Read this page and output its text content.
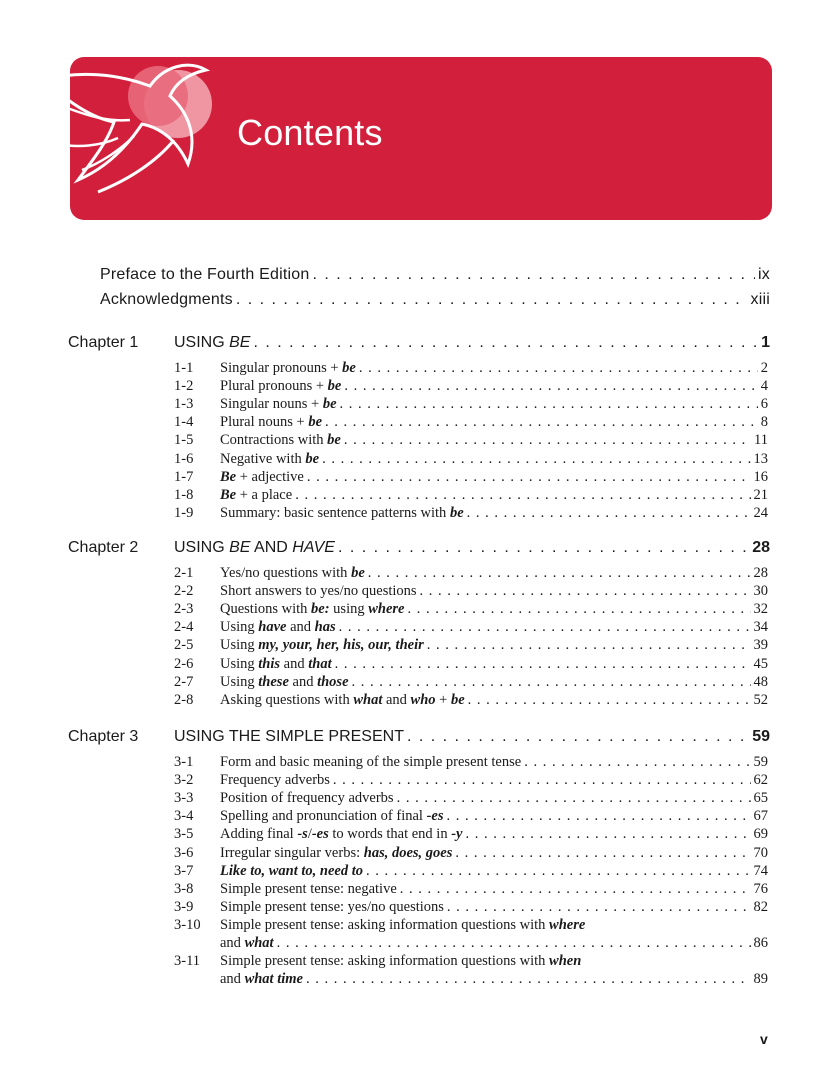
Contents
Preface to the Fourth Edition . . .	ix
Acknowledgments . . .	xiii
Chapter 1 USING BE . . .	1
1-1 Singular pronouns + be . . .	2
1-2 Plural pronouns + be . . .	4
1-3 Singular nouns + be . . .	6
1-4 Plural nouns + be . . .	8
1-5 Contractions with be . . .	11
1-6 Negative with be . . .	13
1-7 Be + adjective . . .	16
1-8 Be + a place . . .	21
1-9 Summary: basic sentence patterns with be . . .	24
Chapter 2 USING BE AND HAVE . . .	28
2-1 Yes/no questions with be . . .	28
2-2 Short answers to yes/no questions . . .	30
2-3 Questions with be: using where . . .	32
2-4 Using have and has . . .	34
2-5 Using my, your, her, his, our, their . . .	39
2-6 Using this and that . . .	45
2-7 Using these and those . . .	48
2-8 Asking questions with what and who + be . . .	52
Chapter 3 USING THE SIMPLE PRESENT . . .	59
3-1 Form and basic meaning of the simple present tense . . .	59
3-2 Frequency adverbs . . .	62
3-3 Position of frequency adverbs . . .	65
3-4 Spelling and pronunciation of final -es . . .	67
3-5 Adding final -s/-es to words that end in -y . . .	69
3-6 Irregular singular verbs: has, does, goes . . .	70
3-7 Like to, want to, need to . . .	74
3-8 Simple present tense: negative . . .	76
3-9 Simple present tense: yes/no questions . . .	82
3-10 Simple present tense: asking information questions with where
and what . . .	86
3-11 Simple present tense: asking information questions with when
and what time . . .	89
v
